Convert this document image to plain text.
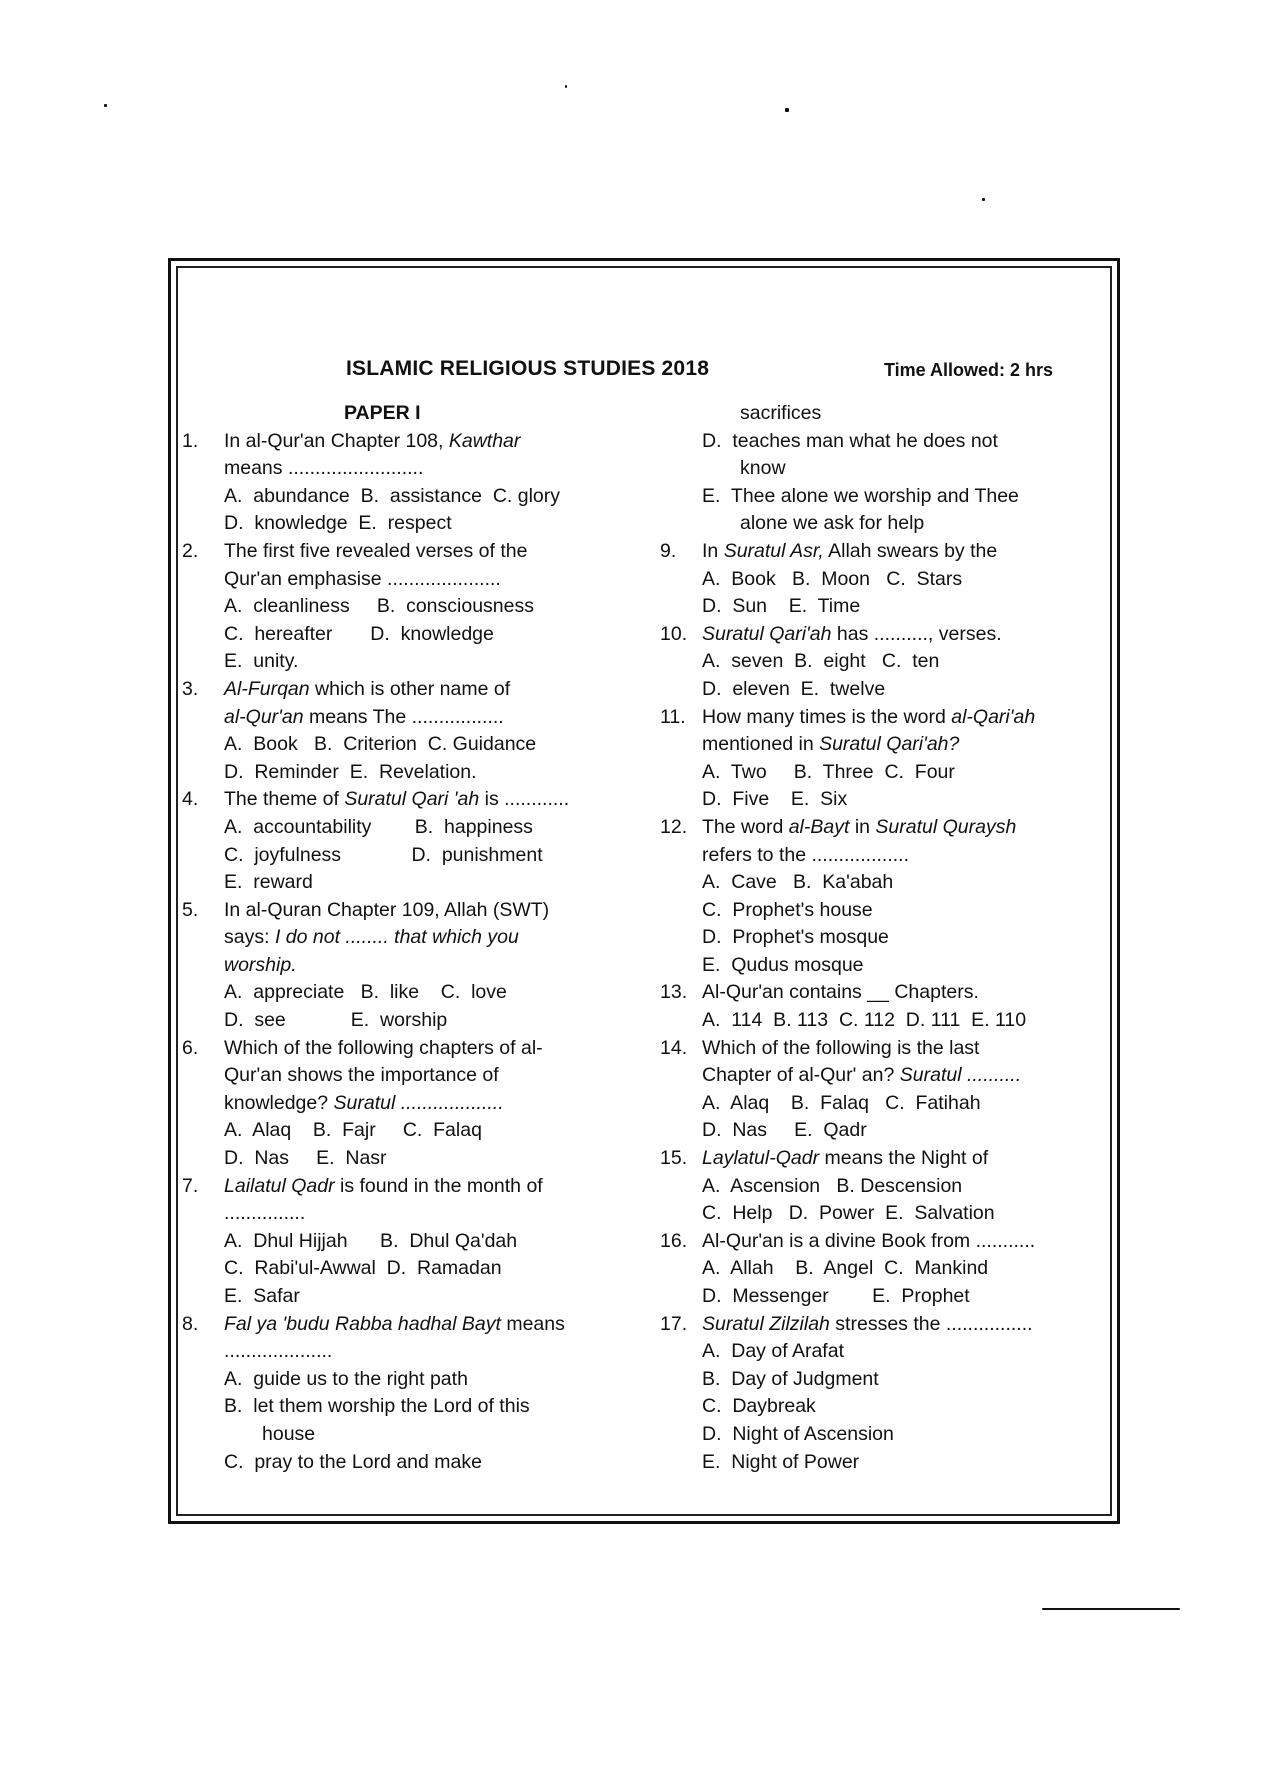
ISLAMIC RELIGIOUS STUDIES 2018	Time Allowed: 2 hrs
PAPER I
1.	In al-Qur'an Chapter 108, Kawthar
means .........................
A.  abundance  B.  assistance  C. glory
D.  knowledge  E.  respect
2.	The first five revealed verses of the
Qur'an emphasise .....................
A.  cleanliness     B.  consciousness
C.  hereafter       D.  knowledge
E.  unity.
3.	Al-Furqan which is other name of
al-Qur'an means The .................
A.  Book   B.  Criterion  C. Guidance
D.  Reminder  E.  Revelation.
4.	The theme of Suratul Qari 'ah is ............
A.  accountability        B.  happiness
C.  joyfulness             D.  punishment
E.  reward
5.	In al-Quran Chapter 109, Allah (SWT)
says: I do not ........ that which you
worship.
A.  appreciate   B.  like    C.  love
D.  see            E.  worship
6.	Which of the following chapters of al-
Qur'an shows the importance of
knowledge? Suratul ...................
A.  Alaq    B.  Fajr     C.  Falaq
D.  Nas     E.  Nasr
7.	Lailatul Qadr is found in the month of
...............
A.  Dhul Hijjah      B.  Dhul Qa'dah
C.  Rabi'ul-Awwal  D.  Ramadan
E.  Safar
8.	Fal ya 'budu Rabba hadhal Bayt means
....................
A.  guide us to the right path
B.  let them worship the Lord of this
house
C.  pray to the Lord and make
sacrifices
D.  teaches man what he does not
know
E.  Thee alone we worship and Thee
alone we ask for help
9.	In Suratul Asr, Allah swears by the
A.  Book   B.  Moon   C.  Stars
D.  Sun    E.  Time
10. Suratul Qari'ah has .........., verses.
A.  seven  B.  eight   C.  ten
D.  eleven  E.  twelve
11. How many times is the word al-Qari'ah
mentioned in Suratul Qari'ah?
A.  Two     B.  Three  C.  Four
D.  Five    E.  Six
12. The word al-Bayt in Suratul Quraysh
refers to the ..................
A.  Cave   B.  Ka'abah
C.  Prophet's house
D.  Prophet's mosque
E.  Qudus mosque
13. Al-Qur'an contains __ Chapters.
A.  114  B. 113  C. 112  D. 111  E. 110
14. Which of the following is the last
Chapter of al-Qur' an? Suratul ..........
A.  Alaq    B.  Falaq   C.  Fatihah
D.  Nas     E.  Qadr
15. Laylatul-Qadr means the Night of
A.  Ascension   B. Descension
C.  Help   D.  Power  E.  Salvation
16. Al-Qur'an is a divine Book from ...........
A.  Allah    B.  Angel  C.  Mankind
D.  Messenger        E.  Prophet
17. Suratul Zilzilah stresses the ................
A.  Day of Arafat
B.  Day of Judgment
C.  Daybreak
D.  Night of Ascension
E.  Night of Power
